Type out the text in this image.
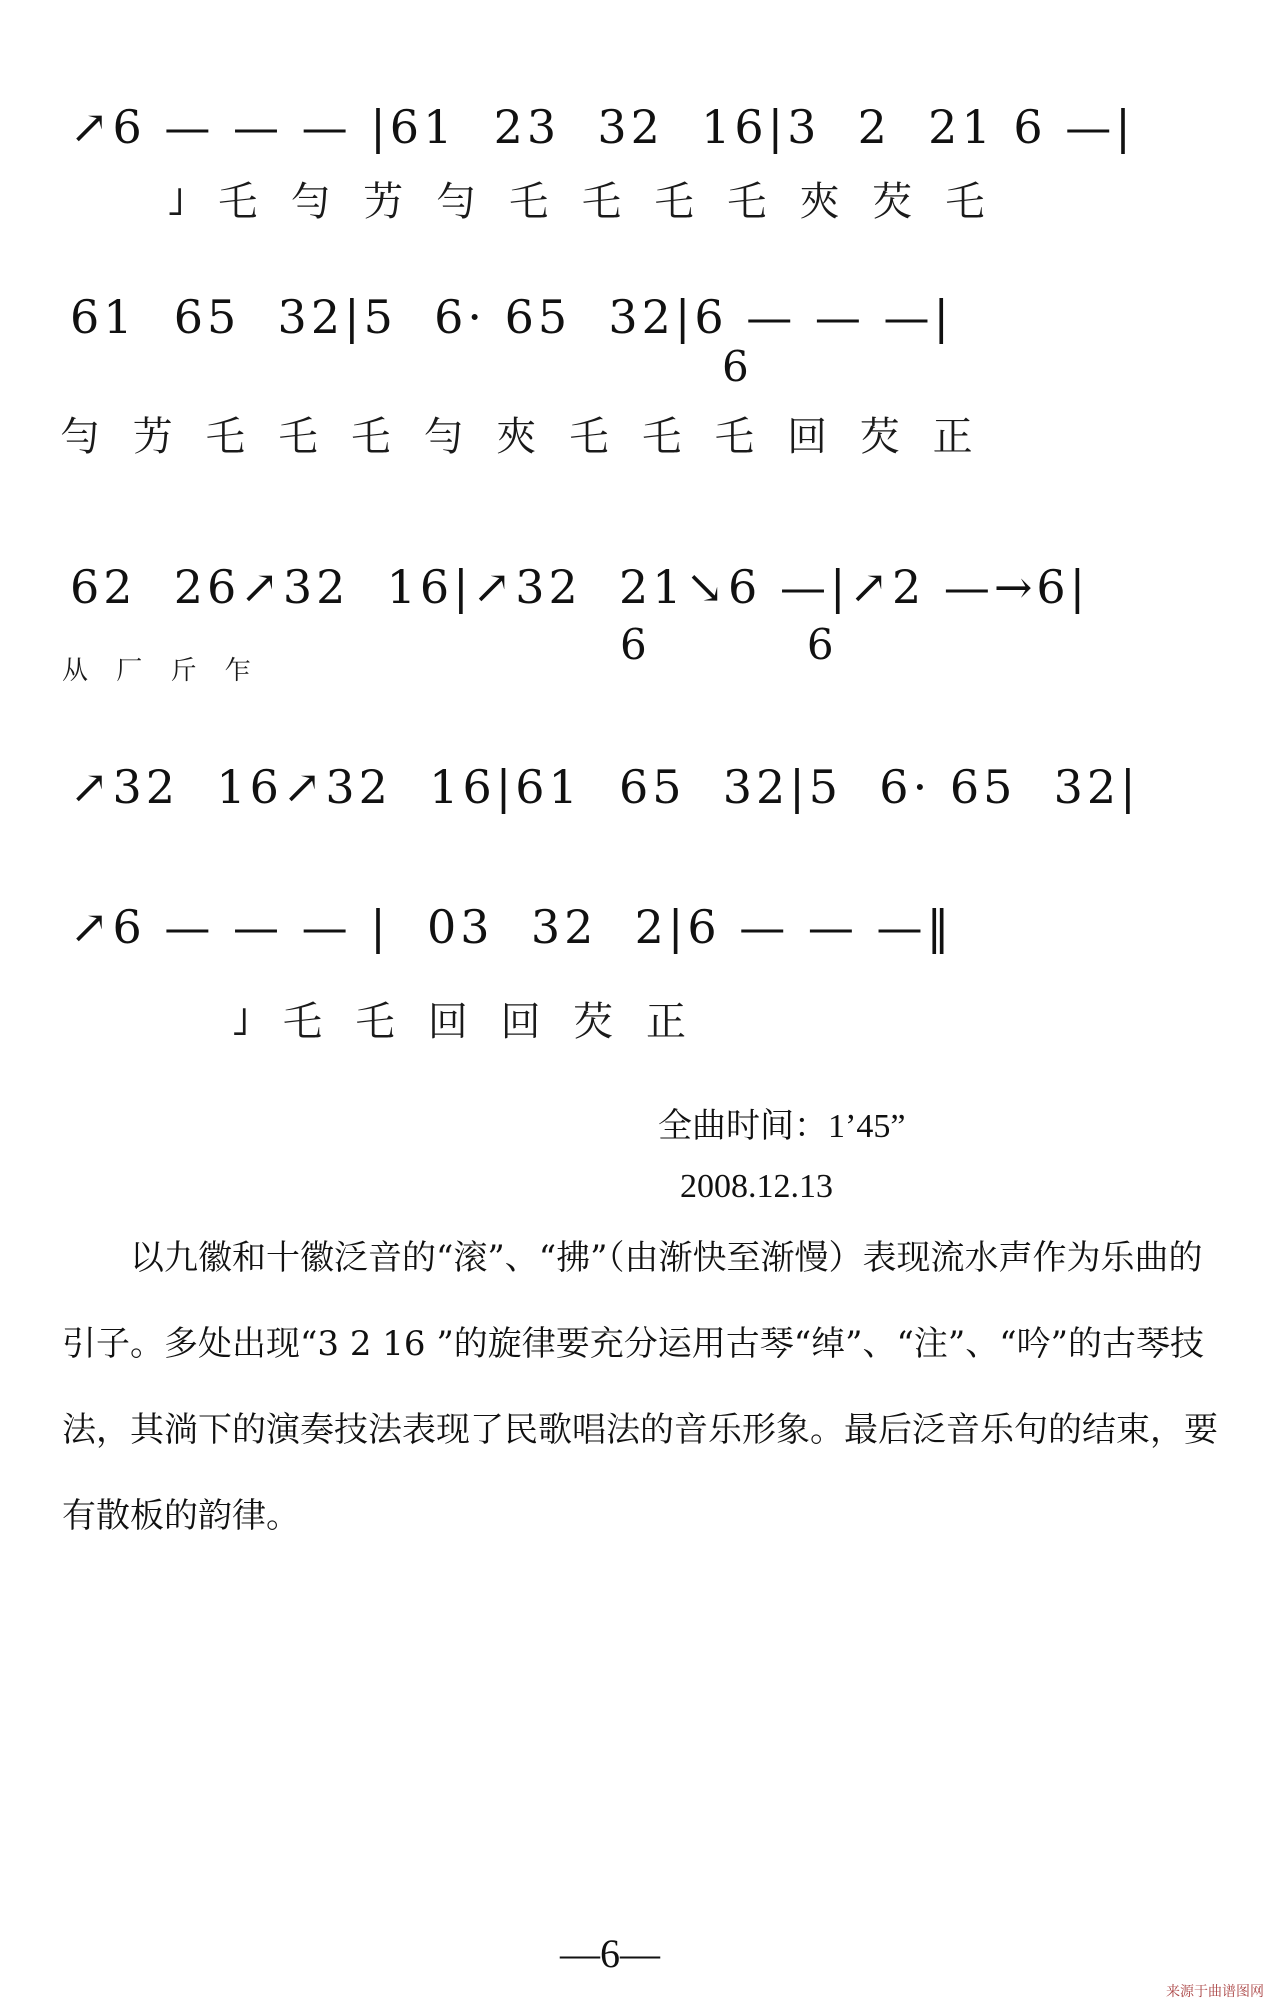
↗6 — — — |61  23  32  16|3  2  21 6 —|
˩ 乇 勻 艻 勻 乇 乇 乇 乇 夾 芡 乇
61  65  32|5  6· 65  32|6 — — —|
6
勻 艻 乇 乇 乇 勻 夾 乇 乇 乇 回 芡 正
62  26↗32  16|↗32  21↘6 —|↗2 —→6|
6            6
从 厂 斤 乍
↗32  16↗32  16|61  65  32|5  6· 65  32|
↗6 — — — |  03  32  2|6 — — —‖
˩ 乇 乇 回 回 芡 正
全曲时间：1’45”
2008.12.13
以九徽和十徽泛音的“滚”、“拂”（由渐快至渐慢）表现流水声作为乐曲的引子。多处出现“3 2 16 ”的旋律要充分运用古琴“绰”、“注”、“吟”的古琴技法，其淌下的演奏技法表现了民歌唱法的音乐形象。最后泛音乐句的结束，要有散板的韵律。
—6—
来源于曲谱图网
